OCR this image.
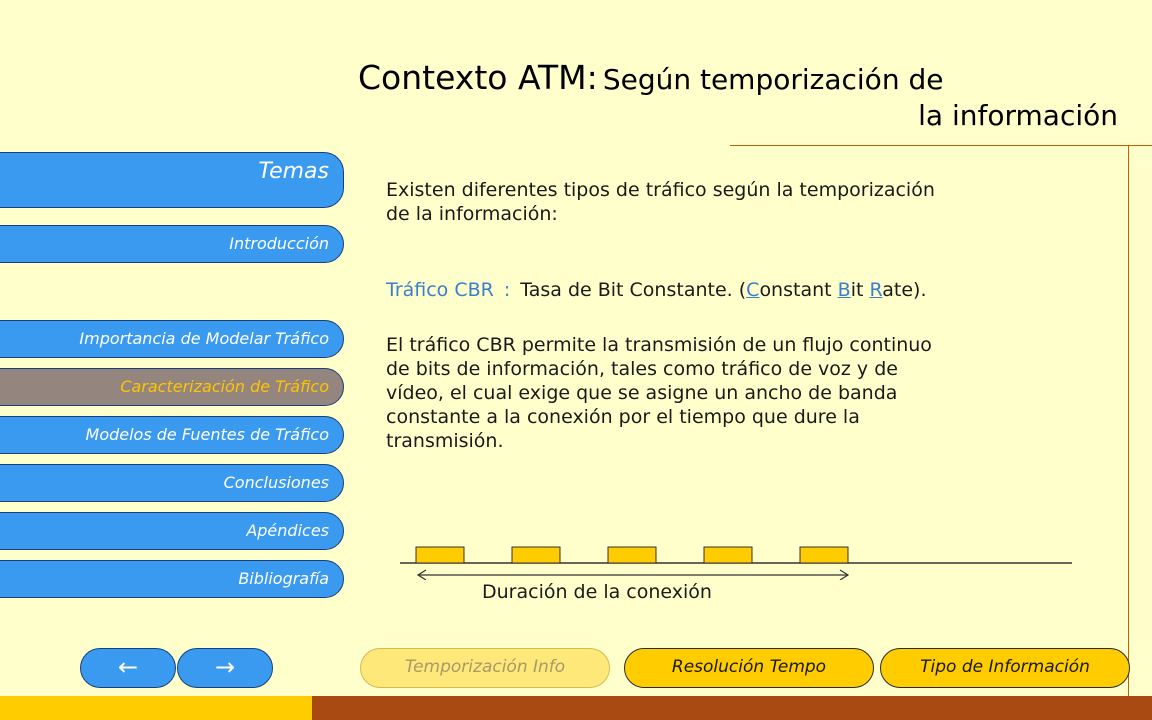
Contexto ATM: Según temporización de
la información
Temas
Introducción
Importancia de Modelar Tráfico
Caracterización de Tráfico
Modelos de Fuentes de Tráfico
Conclusiones
Apéndices
Bibliografía
Existen diferentes tipos de tráfico según la temporización
de la información:
Tráfico CBR : Tasa de Bit Constante. (Constant Bit Rate).
El tráfico CBR permite la transmisión de un flujo continuo
de bits de información, tales como tráfico de voz y de
vídeo, el cual exige que se asigne un ancho de banda
constante a la conexión por el tiempo que dure la
transmisión.
Duración de la conexión
←	→	Temporización Info	Resolución Tempo	Tipo de Información
